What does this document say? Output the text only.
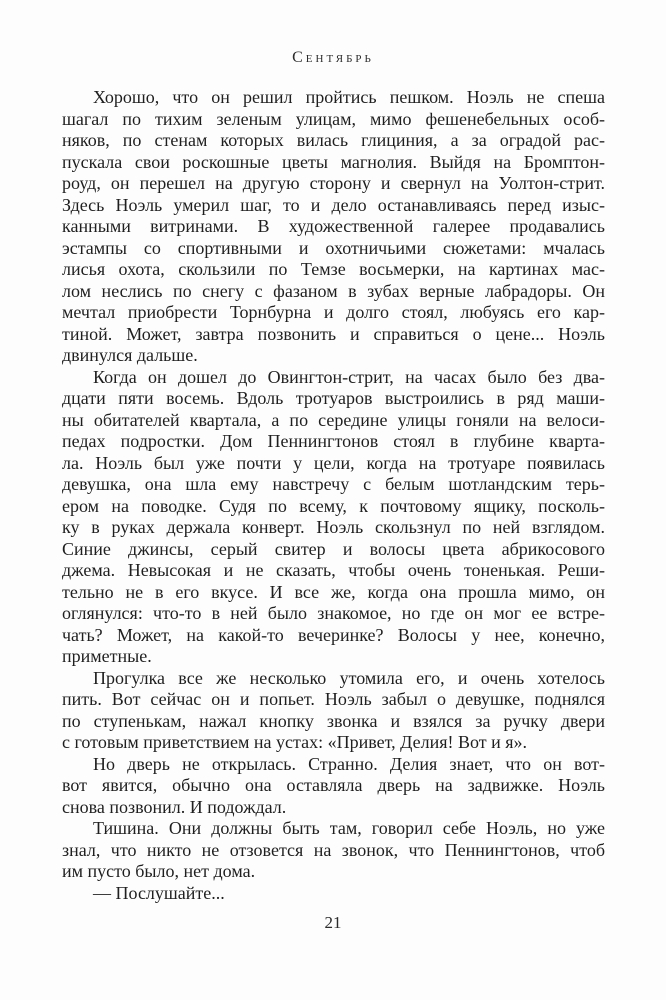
Сентябрь
Хорошо, что он решил пройтись пешком. Ноэль не спеша
шагал по тихим зеленым улицам, мимо фешенебельных особ-
няков, по стенам которых вилась глициния, а за оградой рас-
пускала свои роскошные цветы магнолия. Выйдя на Бромптон-
роуд, он перешел на другую сторону и свернул на Уолтон-стрит.
Здесь Ноэль умерил шаг, то и дело останавливаясь перед изыс-
канными витринами. В художественной галерее продавались
эстампы со спортивными и охотничьими сюжетами: мчалась
лисья охота, скользили по Темзе восьмерки, на картинах мас-
лом неслись по снегу с фазаном в зубах верные лабрадоры. Он
мечтал приобрести Торнбурна и долго стоял, любуясь его кар-
тиной. Может, завтра позвонить и справиться о цене... Ноэль
двинулся дальше.
Когда он дошел до Овингтон-стрит, на часах было без два-
дцати пяти восемь. Вдоль тротуаров выстроились в ряд маши-
ны обитателей квартала, а по середине улицы гоняли на велоси-
педах подростки. Дом Пеннингтонов стоял в глубине кварта-
ла. Ноэль был уже почти у цели, когда на тротуаре появилась
девушка, она шла ему навстречу с белым шотландским терь-
ером на поводке. Судя по всему, к почтовому ящику, посколь-
ку в руках держала конверт. Ноэль скользнул по ней взглядом.
Синие джинсы, серый свитер и волосы цвета абрикосового
джема. Невысокая и не сказать, чтобы очень тоненькая. Реши-
тельно не в его вкусе. И все же, когда она прошла мимо, он
оглянулся: что-то в ней было знакомое, но где он мог ее встре-
чать? Может, на какой-то вечеринке? Волосы у нее, конечно,
приметные.
Прогулка все же несколько утомила его, и очень хотелось
пить. Вот сейчас он и попьет. Ноэль забыл о девушке, поднялся
по ступенькам, нажал кнопку звонка и взялся за ручку двери
с готовым приветствием на устах: «Привет, Делия! Вот и я».
Но дверь не открылась. Странно. Делия знает, что он вот-
вот явится, обычно она оставляла дверь на задвижке. Ноэль
снова позвонил. И подождал.
Тишина. Они должны быть там, говорил себе Ноэль, но уже
знал, что никто не отзовется на звонок, что Пеннингтонов, чтоб
им пусто было, нет дома.
— Послушайте...
21
